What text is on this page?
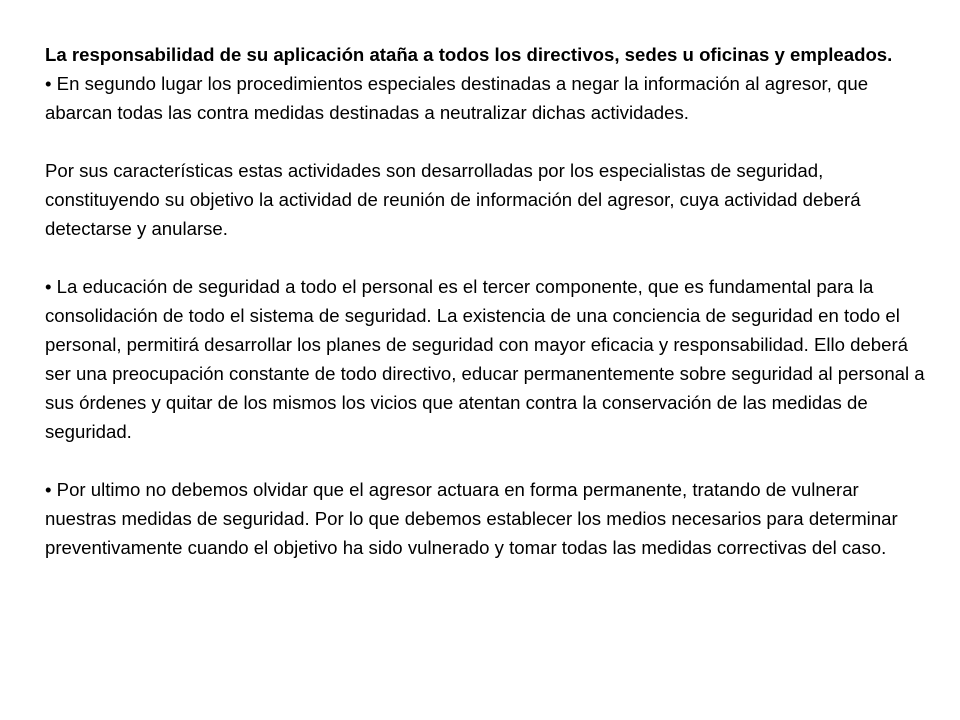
La responsabilidad de su aplicación ataña a todos los directivos, sedes u oficinas y empleados.

• En segundo lugar los procedimientos especiales destinadas a negar la información al agresor, que abarcan todas las contra medidas destinadas a neutralizar dichas actividades.

Por sus características estas actividades son desarrolladas por los especialistas de seguridad, constituyendo su objetivo la actividad de reunión de información del agresor, cuya actividad deberá detectarse y anularse.

• La educación de seguridad a todo el personal es el tercer componente, que es fundamental para la consolidación de todo el sistema de seguridad. La existencia de una conciencia de seguridad en todo el personal, permitirá desarrollar los planes de seguridad con mayor eficacia y responsabilidad. Ello deberá ser una preocupación constante de todo directivo, educar permanentemente sobre seguridad al personal a sus órdenes y quitar de los mismos los vicios que atentan contra la conservación de las medidas de seguridad.

• Por ultimo no debemos olvidar que el agresor actuara en forma permanente, tratando de vulnerar nuestras medidas de seguridad. Por lo que debemos establecer los medios necesarios para determinar preventivamente cuando el objetivo ha sido vulnerado y tomar todas las medidas correctivas del caso.
